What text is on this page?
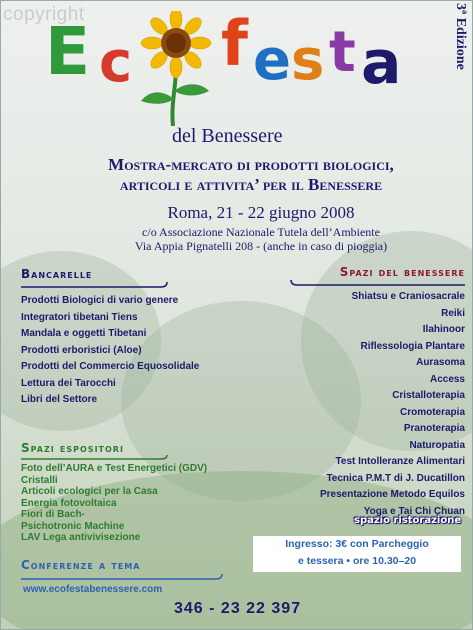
copyright
E c f e s t a	3ª Edizione
del Benessere
Mostra-mercato di prodotti biologici,
articoli e attivita’ per il Benessere
Roma, 21 - 22 giugno 2008
c/o Associazione Nazionale Tutela dell’Ambiente
Via Appia Pignatelli 208 - (anche in caso di pioggia)
Bancarelle
Prodotti Biologici di vario genere
Integratori tibetani Tiens
Mandala e oggetti Tibetani
Prodotti erboristici (Aloe)
Prodotti del Commercio Equosolidale
Lettura dei Tarocchi
Libri del Settore
Spazi espositori
Foto dell’AURA e Test Energetici (GDV)
Cristalli
Articoli ecologici per la Casa
Energia fotovoltaica
Fiori di Bach-
Psichotronic Machine
LAV Lega antivivisezione
Conferenze a tema
Spazi del benessere
Shiatsu e Craniosacrale
Reiki
Ilahinoor
Riflessologia Plantare
Aurasoma
Access
Cristalloterapia
Cromoterapia
Pranoterapia
Naturopatia
Test Intolleranze Alimentari
Tecnica P.M.T di J. Ducatillon
Presentazione Metodo Equilos
Yoga e Tai Chi Chuan
spazio ristorazione
Ingresso: 3€ con Parcheggio
e tessera • ore 10.30–20
www.ecofestabenessere.com
346 - 23 22 397
